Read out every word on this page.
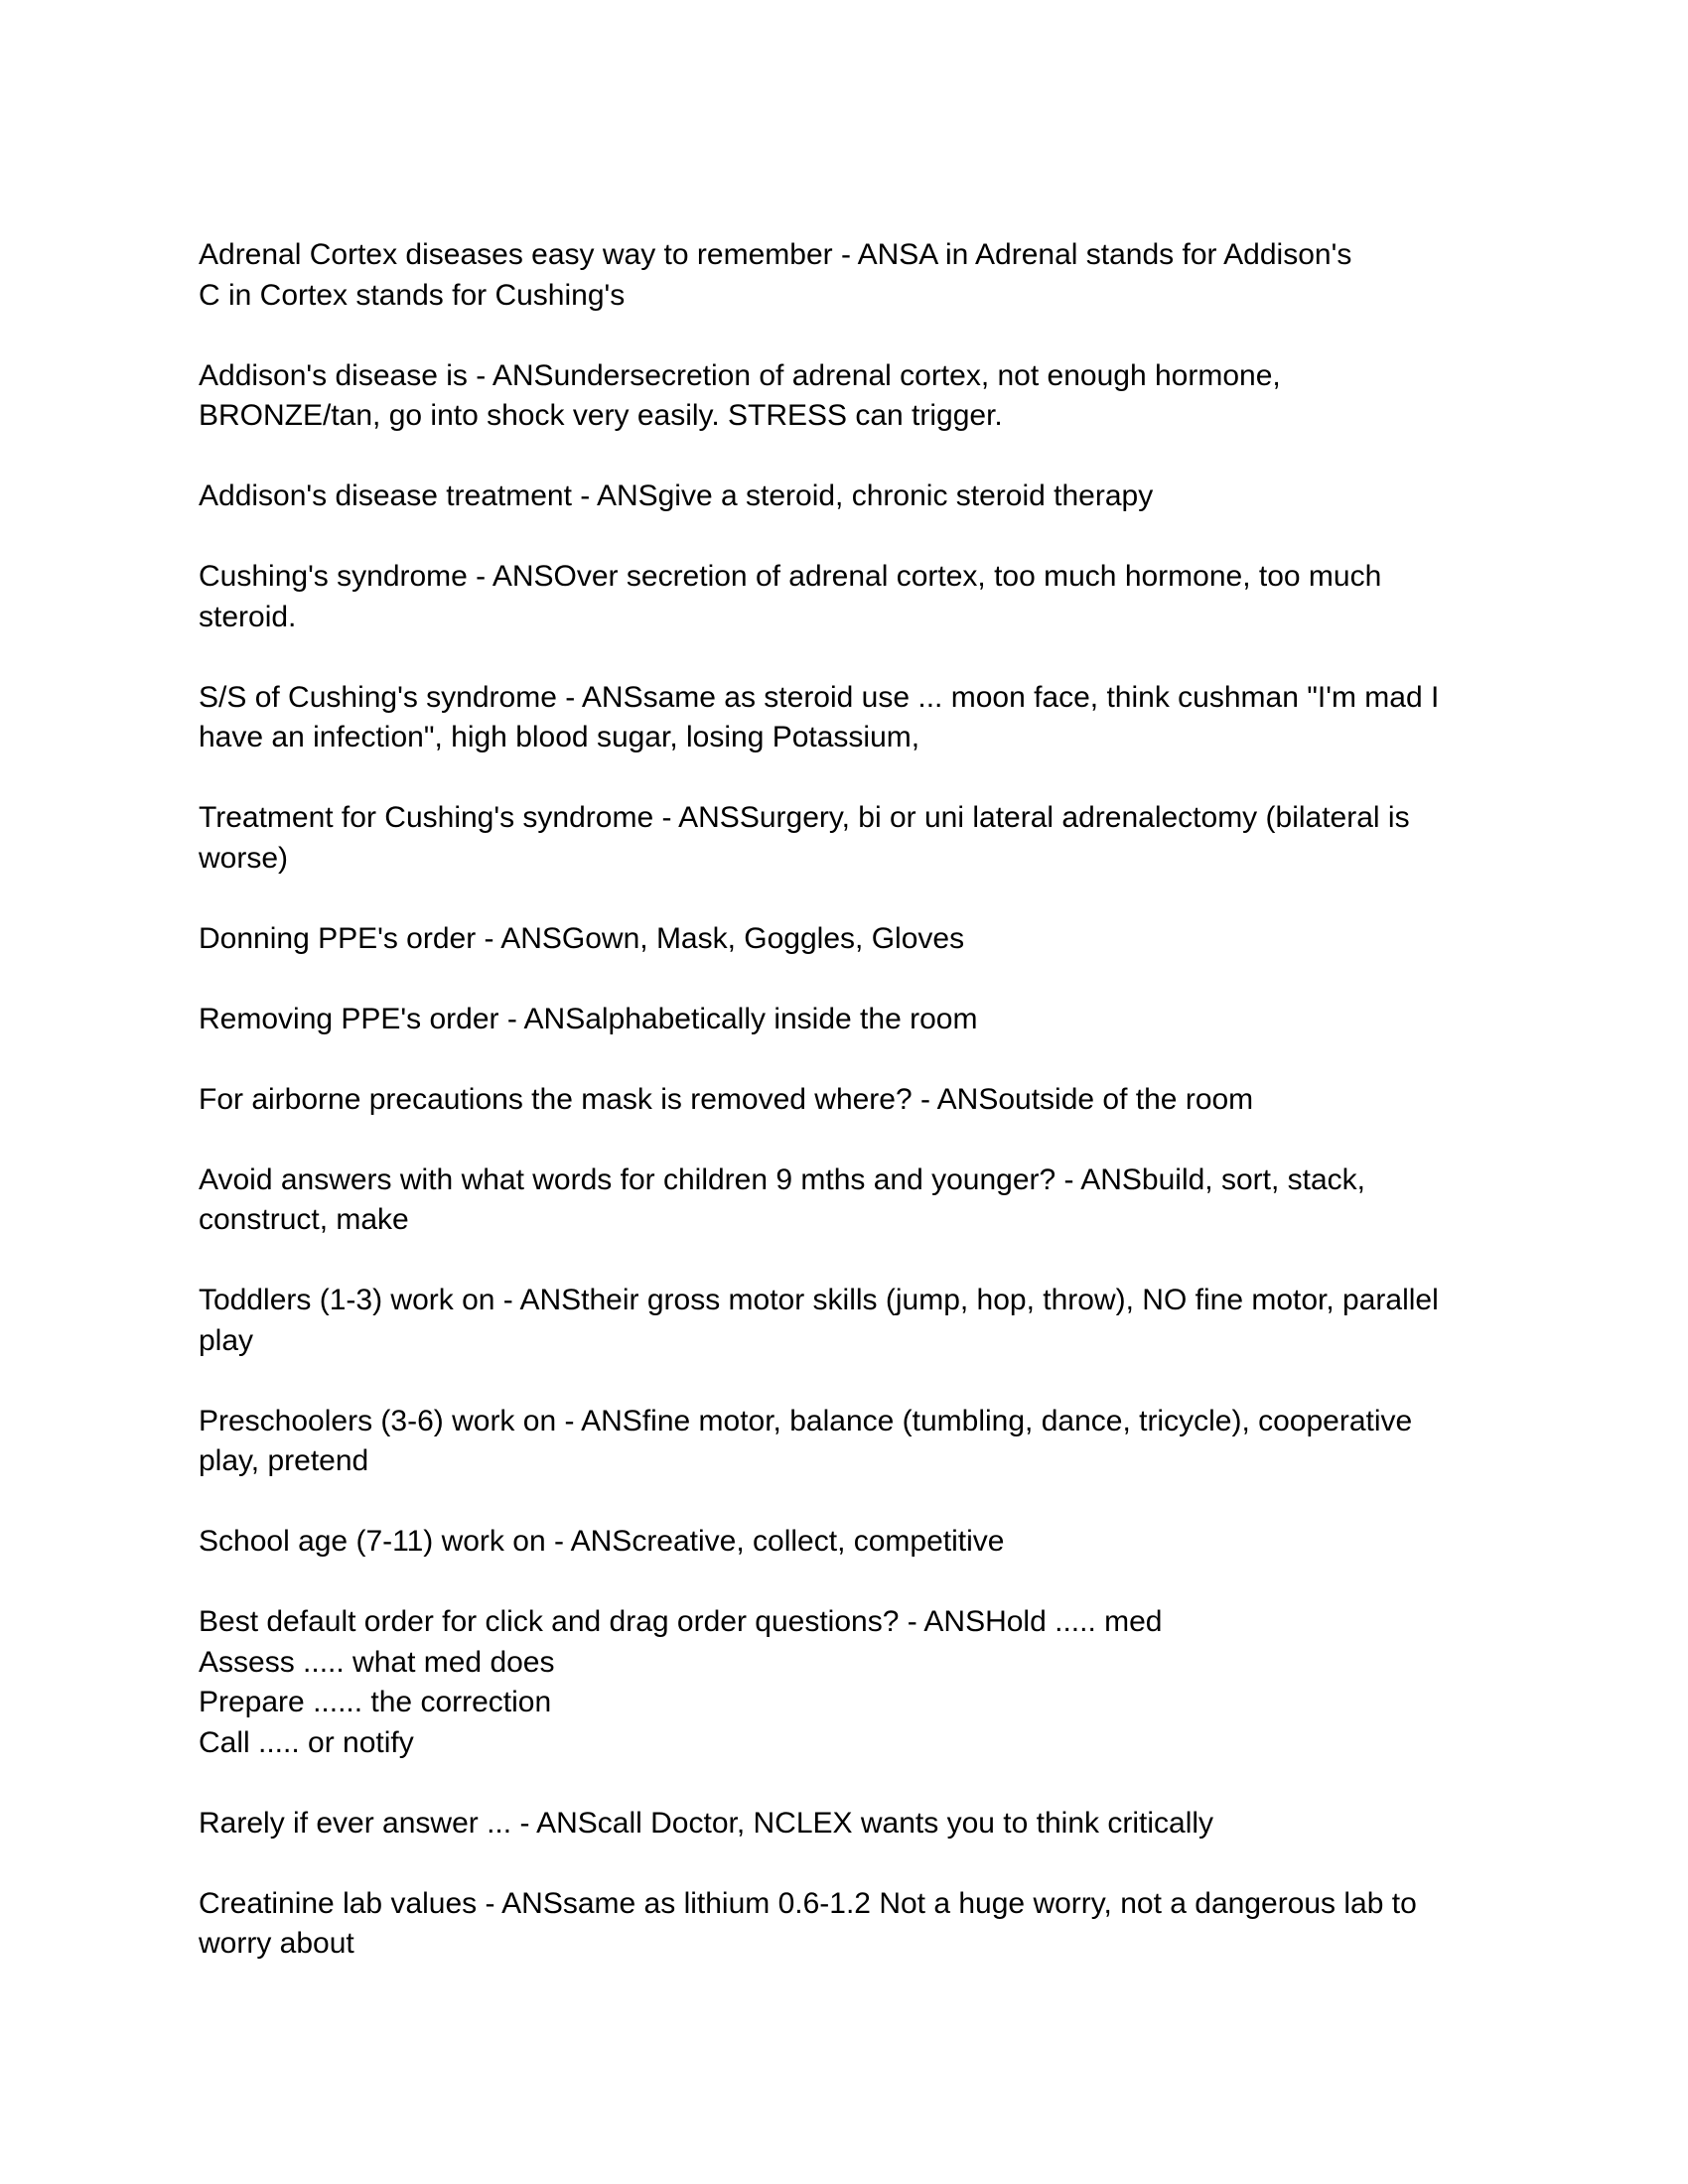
Adrenal Cortex diseases easy way to remember - ANSA in Adrenal stands for Addison's
C in Cortex stands for Cushing's

Addison's disease is - ANSundersecretion of adrenal cortex, not enough hormone,
BRONZE/tan, go into shock very easily. STRESS can trigger.

Addison's disease treatment - ANSgive a steroid, chronic steroid therapy

Cushing's syndrome - ANSOver secretion of adrenal cortex, too much hormone, too much
steroid.

S/S of Cushing's syndrome - ANSsame as steroid use ... moon face, think cushman "I'm mad I
have an infection", high blood sugar, losing Potassium,

Treatment for Cushing's syndrome - ANSSurgery, bi or uni lateral adrenalectomy (bilateral is
worse)

Donning PPE's order - ANSGown, Mask, Goggles, Gloves

Removing PPE's order - ANSalphabetically inside the room

For airborne precautions the mask is removed where? - ANSoutside of the room

Avoid answers with what words for children 9 mths and younger? - ANSbuild, sort, stack,
construct, make

Toddlers (1-3) work on - ANStheir gross motor skills (jump, hop, throw), NO fine motor, parallel
play

Preschoolers (3-6) work on - ANSfine motor, balance (tumbling, dance, tricycle), cooperative
play, pretend

School age (7-11) work on - ANScreative, collect, competitive

Best default order for click and drag order questions? - ANSHold ..... med
Assess ..... what med does
Prepare ...... the correction
Call ..... or notify

Rarely if ever answer ... - ANScall Doctor, NCLEX wants you to think critically

Creatinine lab values - ANSsame as lithium 0.6-1.2 Not a huge worry, not a dangerous lab to
worry about
